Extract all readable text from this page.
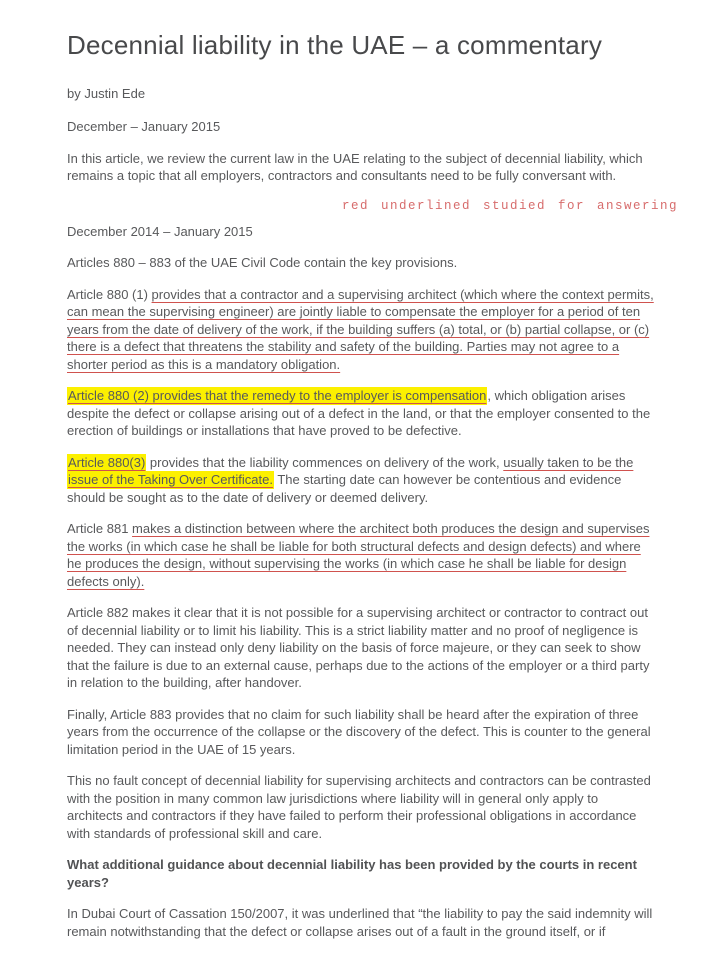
Decennial liability in the UAE – a commentary

by Justin Ede

December – January 2015

In this article, we review the current law in the UAE relating to the subject of decennial liability, which remains a topic that all employers, contractors and consultants need to be fully conversant with.

red underlined studied for answering

December 2014 – January 2015

Articles 880 – 883 of the UAE Civil Code contain the key provisions.

Article 880 (1) provides that a contractor and a supervising architect (which where the context permits, can mean the supervising engineer) are jointly liable to compensate the employer for a period of ten years from the date of delivery of the work, if the building suffers (a) total, or (b) partial collapse, or (c) there is a defect that threatens the stability and safety of the building. Parties may not agree to a shorter period as this is a mandatory obligation.

Article 880 (2) provides that the remedy to the employer is compensation, which obligation arises despite the defect or collapse arising out of a defect in the land, or that the employer consented to the erection of buildings or installations that have proved to be defective.

Article 880(3) provides that the liability commences on delivery of the work, usually taken to be the issue of the Taking Over Certificate. The starting date can however be contentious and evidence should be sought as to the date of delivery or deemed delivery.

Article 881 makes a distinction between where the architect both produces the design and supervises the works (in which case he shall be liable for both structural defects and design defects) and where he produces the design, without supervising the works (in which case he shall be liable for design defects only).

Article 882 makes it clear that it is not possible for a supervising architect or contractor to contract out of decennial liability or to limit his liability. This is a strict liability matter and no proof of negligence is needed. They can instead only deny liability on the basis of force majeure, or they can seek to show that the failure is due to an external cause, perhaps due to the actions of the employer or a third party in relation to the building, after handover.

Finally, Article 883 provides that no claim for such liability shall be heard after the expiration of three years from the occurrence of the collapse or the discovery of the defect. This is counter to the general limitation period in the UAE of 15 years.

This no fault concept of decennial liability for supervising architects and contractors can be contrasted with the position in many common law jurisdictions where liability will in general only apply to architects and contractors if they have failed to perform their professional obligations in accordance with standards of professional skill and care.

What additional guidance about decennial liability has been provided by the courts in recent years?

In Dubai Court of Cassation 150/2007, it was underlined that “the liability to pay the said indemnity will remain notwithstanding that the defect or collapse arises out of a fault in the ground itself, or if
